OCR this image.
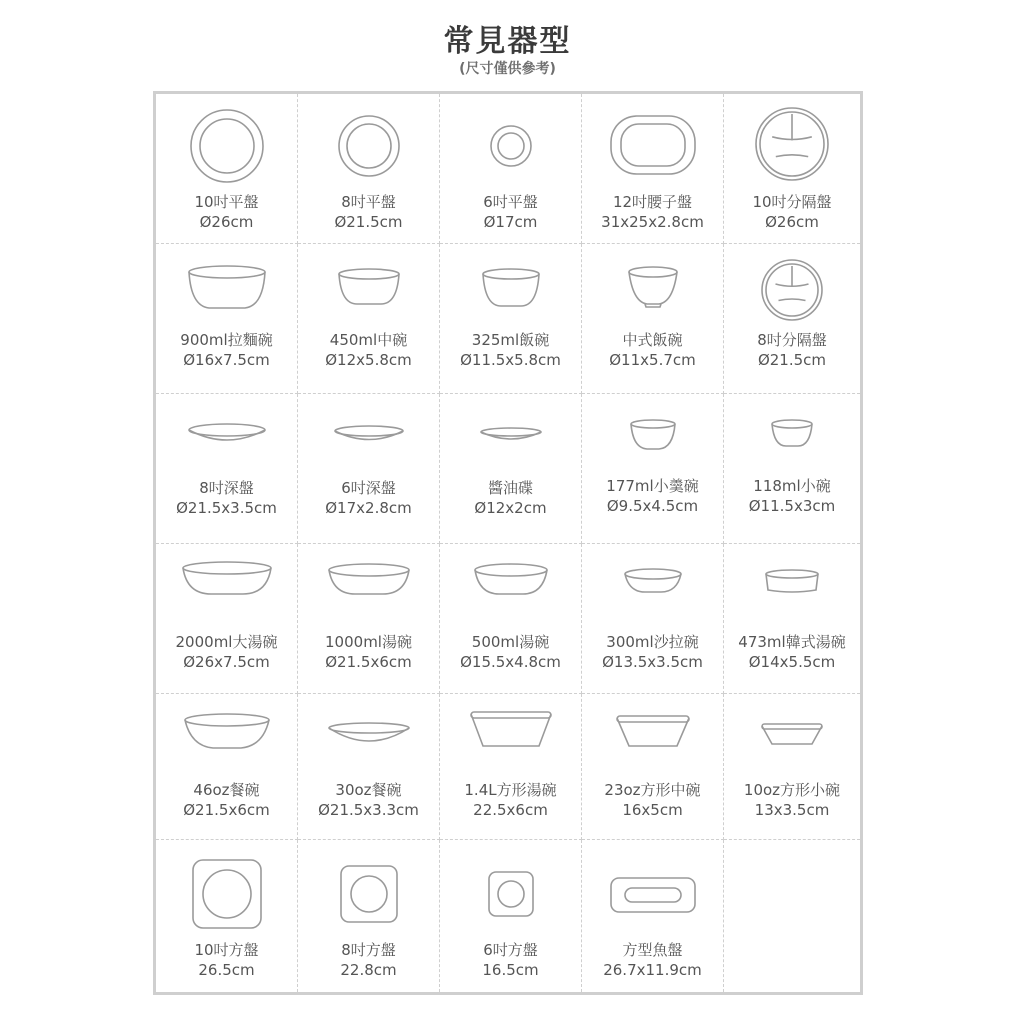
常見器型
(尺寸僅供參考)
10吋平盤
Ø26cm
8吋平盤
Ø21.5cm
6吋平盤
Ø17cm
12吋腰子盤
31x25x2.8cm
10吋分隔盤
Ø26cm
900ml拉麵碗
Ø16x7.5cm
450ml中碗
Ø12x5.8cm
325ml飯碗
Ø11.5x5.8cm
中式飯碗
Ø11x5.7cm
8吋分隔盤
Ø21.5cm
8吋深盤
Ø21.5x3.5cm
6吋深盤
Ø17x2.8cm
醬油碟
Ø12x2cm
177ml小羹碗
Ø9.5x4.5cm
118ml小碗
Ø11.5x3cm
2000ml大湯碗
Ø26x7.5cm
1000ml湯碗
Ø21.5x6cm
500ml湯碗
Ø15.5x4.8cm
300ml沙拉碗
Ø13.5x3.5cm
473ml韓式湯碗
Ø14x5.5cm
46oz餐碗
Ø21.5x6cm
30oz餐碗
Ø21.5x3.3cm
1.4L方形湯碗
22.5x6cm
23oz方形中碗
16x5cm
10oz方形小碗
13x3.5cm
10吋方盤
26.5cm
8吋方盤
22.8cm
6吋方盤
16.5cm
方型魚盤
26.7x11.9cm
